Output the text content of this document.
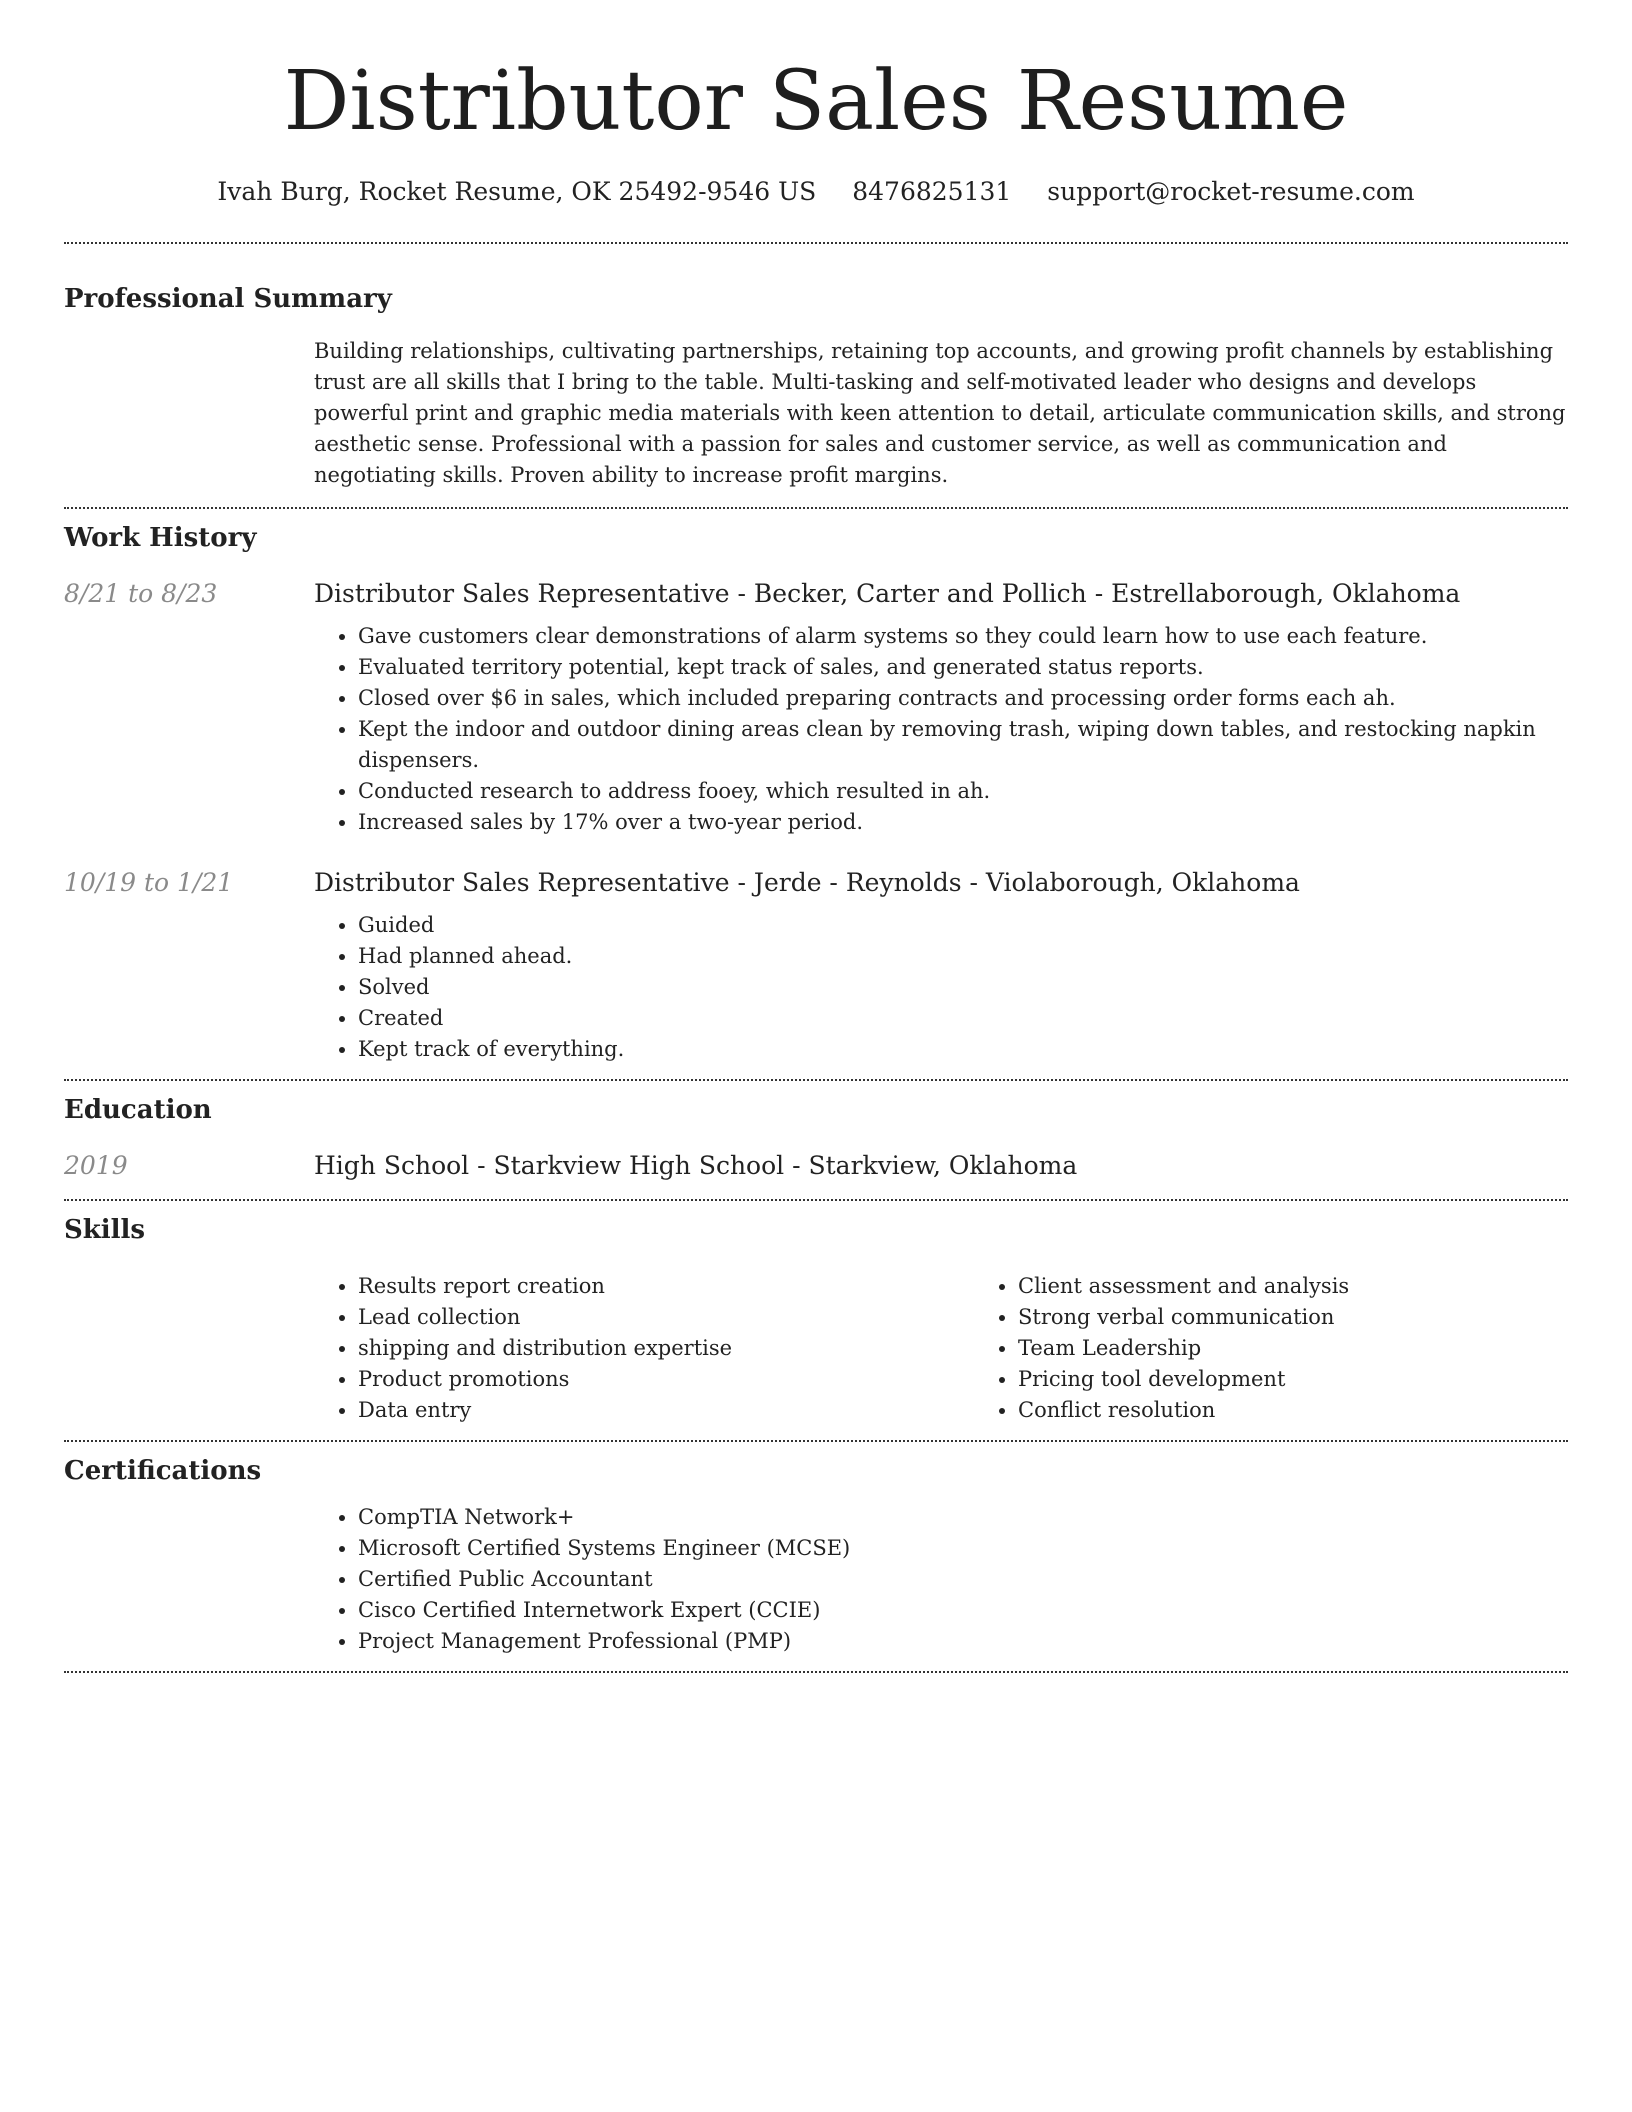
Distributor Sales Resume
Ivah Burg, Rocket Resume, OK 25492-9546 US 8476825131 support@rocket-resume.com
Professional Summary

Building relationships, cultivating partnerships, retaining top accounts, and growing profit channels by establishing trust are all skills that I bring to the table. Multi-tasking and self-motivated leader who designs and develops powerful print and graphic media materials with keen attention to detail, articulate communication skills, and strong aesthetic sense. Professional with a passion for sales and customer service, as well as communication and negotiating skills. Proven ability to increase profit margins.

Work History
8/21 to 8/23	Distributor Sales Representative - Becker, Carter and Pollich - Estrellaborough, Oklahoma
• Gave customers clear demonstrations of alarm systems so they could learn how to use each feature.
• Evaluated territory potential, kept track of sales, and generated status reports.
• Closed over $6 in sales, which included preparing contracts and processing order forms each ah.
• Kept the indoor and outdoor dining areas clean by removing trash, wiping down tables, and restocking napkin dispensers.
• Conducted research to address fooey, which resulted in ah.
• Increased sales by 17% over a two-year period.
10/19 to 1/21	Distributor Sales Representative - Jerde - Reynolds - Violaborough, Oklahoma
• Guided
• Had planned ahead.
• Solved
• Created
• Kept track of everything.
Education
2019	High School - Starkview High School - Starkview, Oklahoma
Skills
• Results report creation
• Lead collection
• shipping and distribution expertise
• Product promotions
• Data entry
• Client assessment and analysis
• Strong verbal communication
• Team Leadership
• Pricing tool development
• Conflict resolution
Certifications
• CompTIA Network+
• Microsoft Certified Systems Engineer (MCSE)
• Certified Public Accountant
• Cisco Certified Internetwork Expert (CCIE)
• Project Management Professional (PMP)
